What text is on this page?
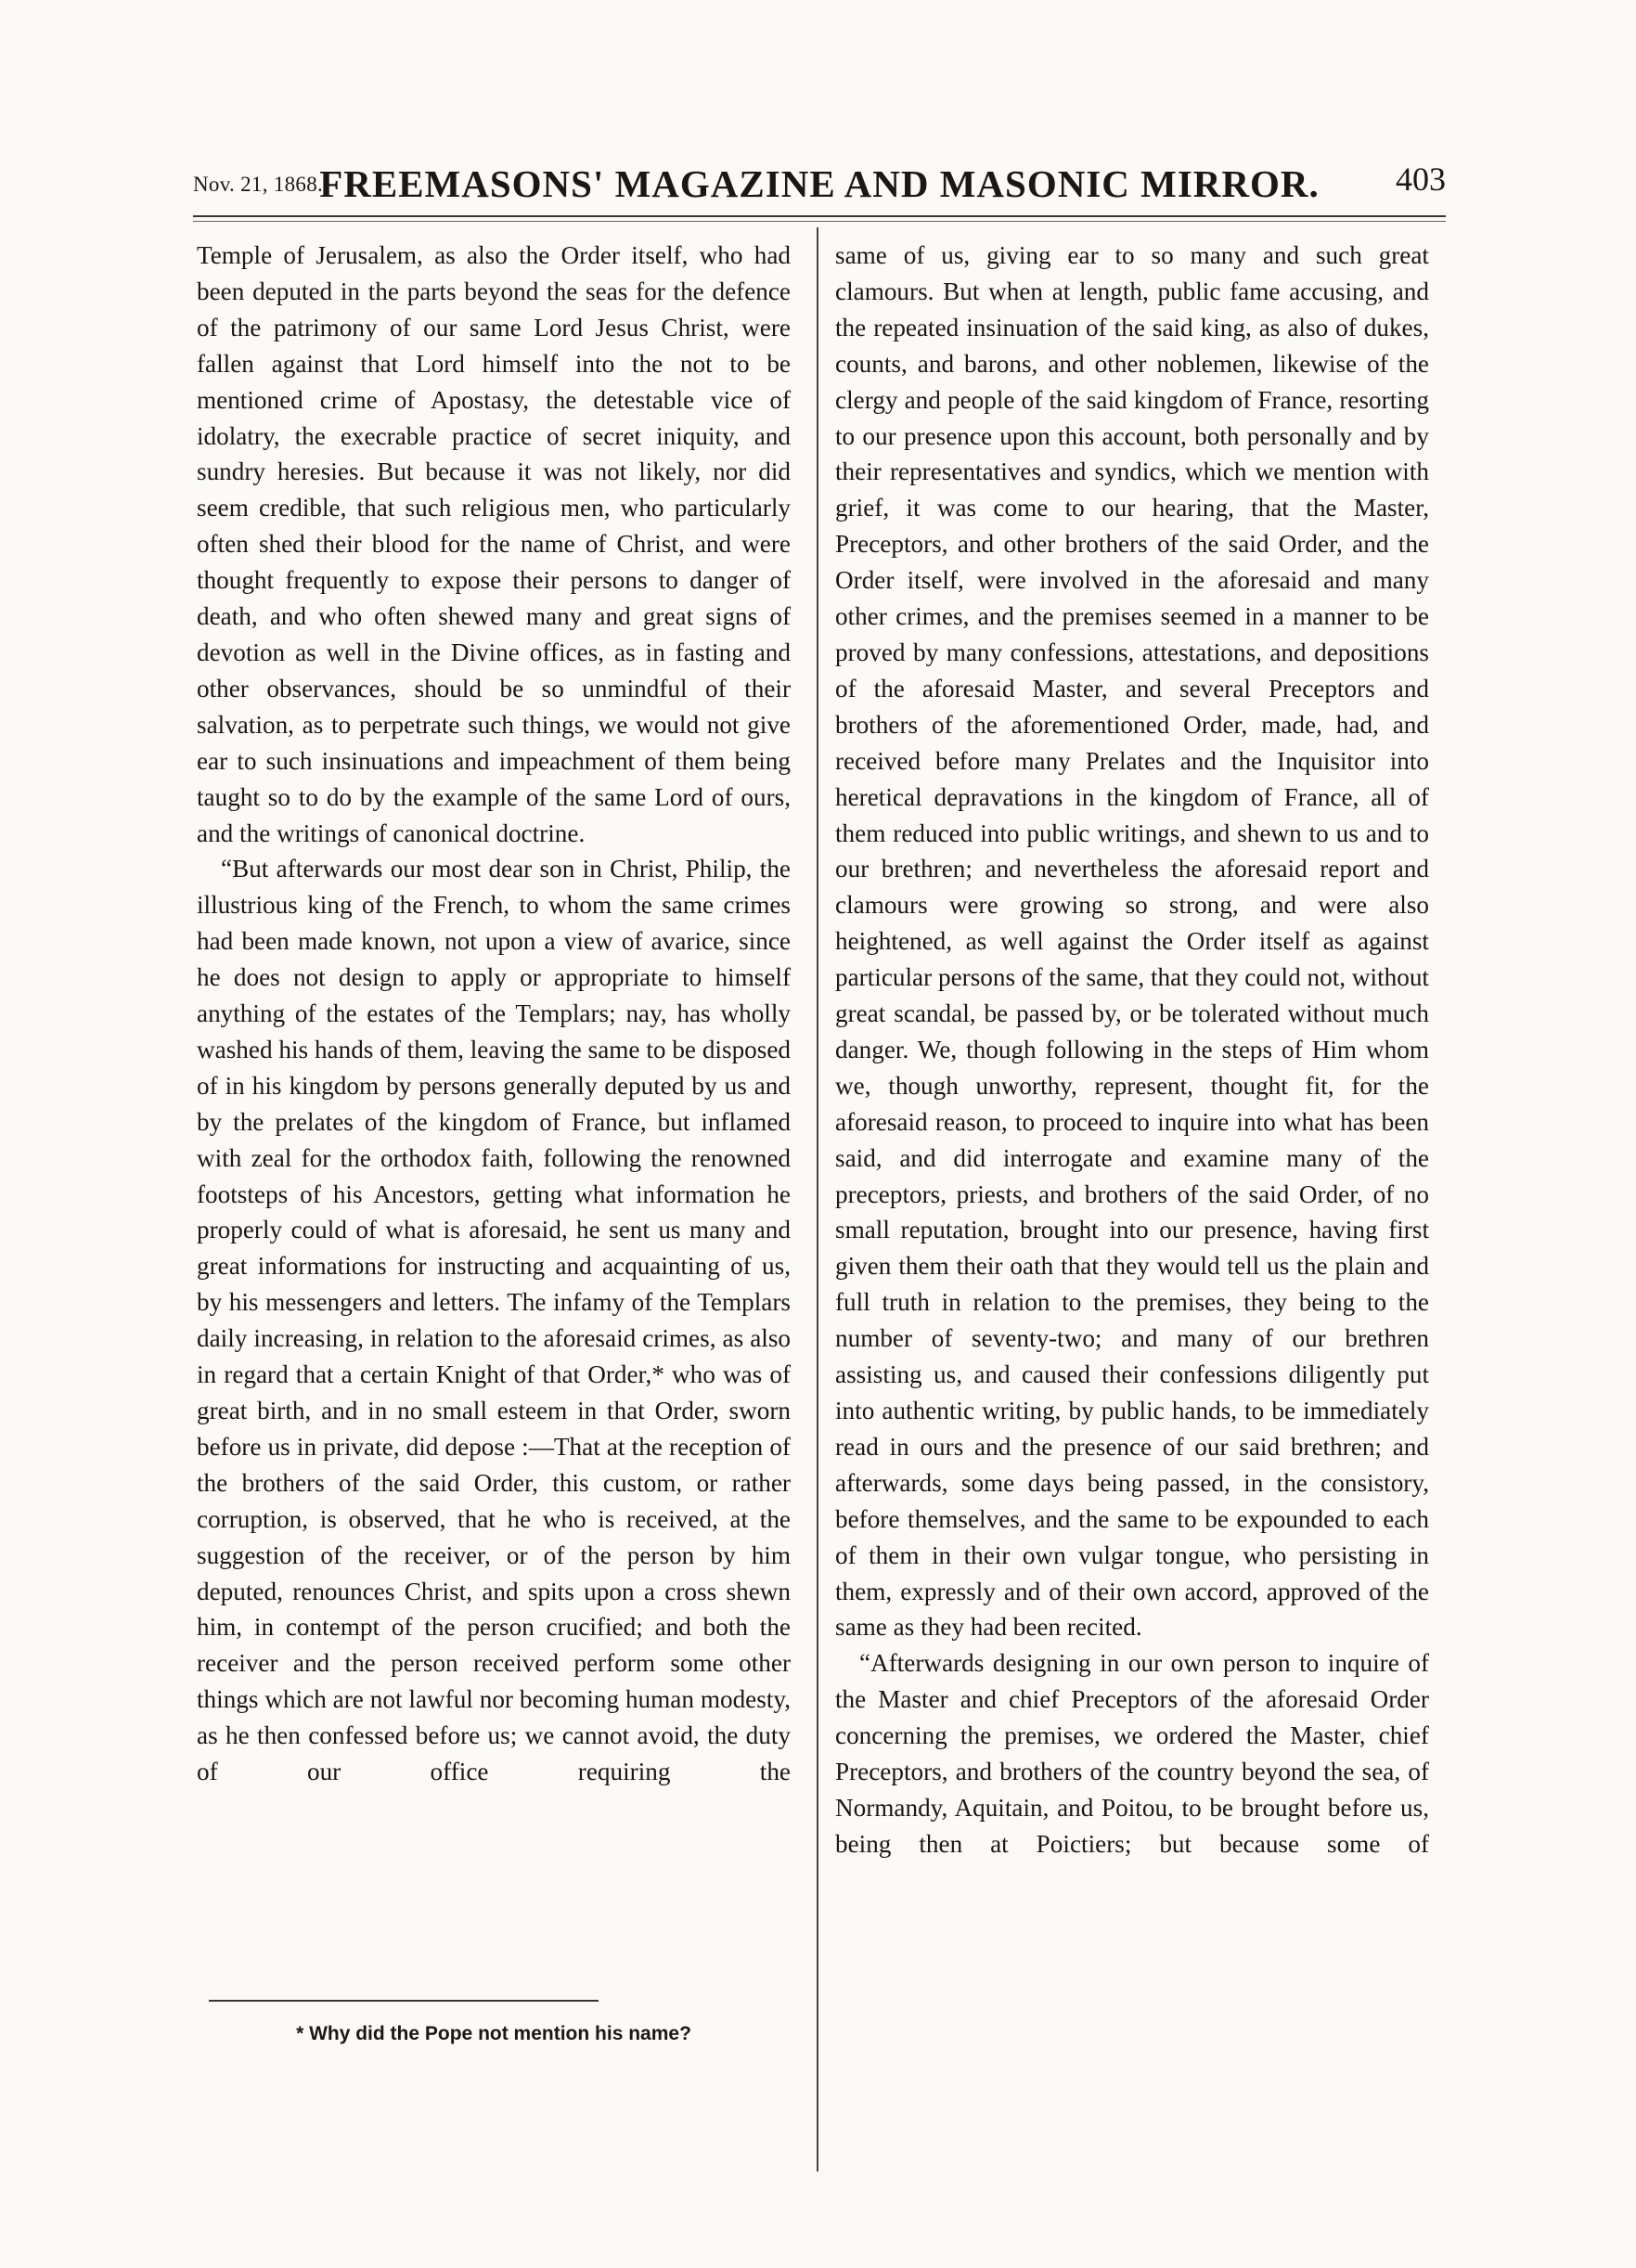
Nov. 21, 1868.]
FREEMASONS' MAGAZINE AND MASONIC MIRROR.	403

Temple of Jerusalem, as also the Order itself, who had been deputed in the parts beyond the seas for the defence of the patrimony of our same Lord Jesus Christ, were fallen against that Lord himself into the not to be mentioned crime of Apostasy, the detestable vice of idolatry, the execrable practice of secret iniquity, and sundry heresies. But because it was not likely, nor did seem credible, that such religious men, who particularly often shed their blood for the name of Christ, and were thought frequently to expose their persons to danger of death, and who often shewed many and great signs of devotion as well in the Divine offices, as in fasting and other observances, should be so unmindful of their salvation, as to perpetrate such things, we would not give ear to such insinuations and impeachment of them being taught so to do by the example of the same Lord of ours, and the writings of canonical doctrine.

“But afterwards our most dear son in Christ, Philip, the illustrious king of the French, to whom the same crimes had been made known, not upon a view of avarice, since he does not design to apply or appropriate to himself anything of the estates of the Templars; nay, has wholly washed his hands of them, leaving the same to be disposed of in his kingdom by persons generally deputed by us and by the prelates of the kingdom of France, but inflamed with zeal for the orthodox faith, following the renowned footsteps of his Ancestors, getting what information he properly could of what is aforesaid, he sent us many and great informations for instructing and acquainting of us, by his messengers and letters. The infamy of the Templars daily increasing, in relation to the aforesaid crimes, as also in regard that a certain Knight of that Order,* who was of great birth, and in no small esteem in that Order, sworn before us in private, did depose :—That at the reception of the brothers of the said Order, this custom, or rather corruption, is observed, that he who is received, at the suggestion of the receiver, or of the person by him deputed, renounces Christ, and spits upon a cross shewn him, in contempt of the person crucified; and both the receiver and the person received perform some other things which are not lawful nor becoming human modesty, as he then confessed before us; we cannot avoid, the duty of our office requiring the

same of us, giving ear to so many and such great clamours. But when at length, public fame accusing, and the repeated insinuation of the said king, as also of dukes, counts, and barons, and other noblemen, likewise of the clergy and people of the said kingdom of France, resorting to our presence upon this account, both personally and by their representatives and syndics, which we mention with grief, it was come to our hearing, that the Master, Preceptors, and other brothers of the said Order, and the Order itself, were involved in the aforesaid and many other crimes, and the premises seemed in a manner to be proved by many confessions, attestations, and depositions of the aforesaid Master, and several Preceptors and brothers of the aforementioned Order, made, had, and received before many Prelates and the Inquisitor into heretical depravations in the kingdom of France, all of them reduced into public writings, and shewn to us and to our brethren; and nevertheless the aforesaid report and clamours were growing so strong, and were also heightened, as well against the Order itself as against particular persons of the same, that they could not, without great scandal, be passed by, or be tolerated without much danger. We, though following in the steps of Him whom we, though unworthy, represent, thought fit, for the aforesaid reason, to proceed to inquire into what has been said, and did interrogate and examine many of the preceptors, priests, and brothers of the said Order, of no small reputation, brought into our presence, having first given them their oath that they would tell us the plain and full truth in relation to the premises, they being to the number of seventy-two; and many of our brethren assisting us, and caused their confessions diligently put into authentic writing, by public hands, to be immediately read in ours and the presence of our said brethren; and afterwards, some days being passed, in the consistory, before themselves, and the same to be expounded to each of them in their own vulgar tongue, who persisting in them, expressly and of their own accord, approved of the same as they had been recited.

“Afterwards designing in our own person to inquire of the Master and chief Preceptors of the aforesaid Order concerning the premises, we ordered the Master, chief Preceptors, and brothers of the country beyond the sea, of Normandy, Aquitain, and Poitou, to be brought before us, being then at Poictiers; but because some of

* Why did the Pope not mention his name?
